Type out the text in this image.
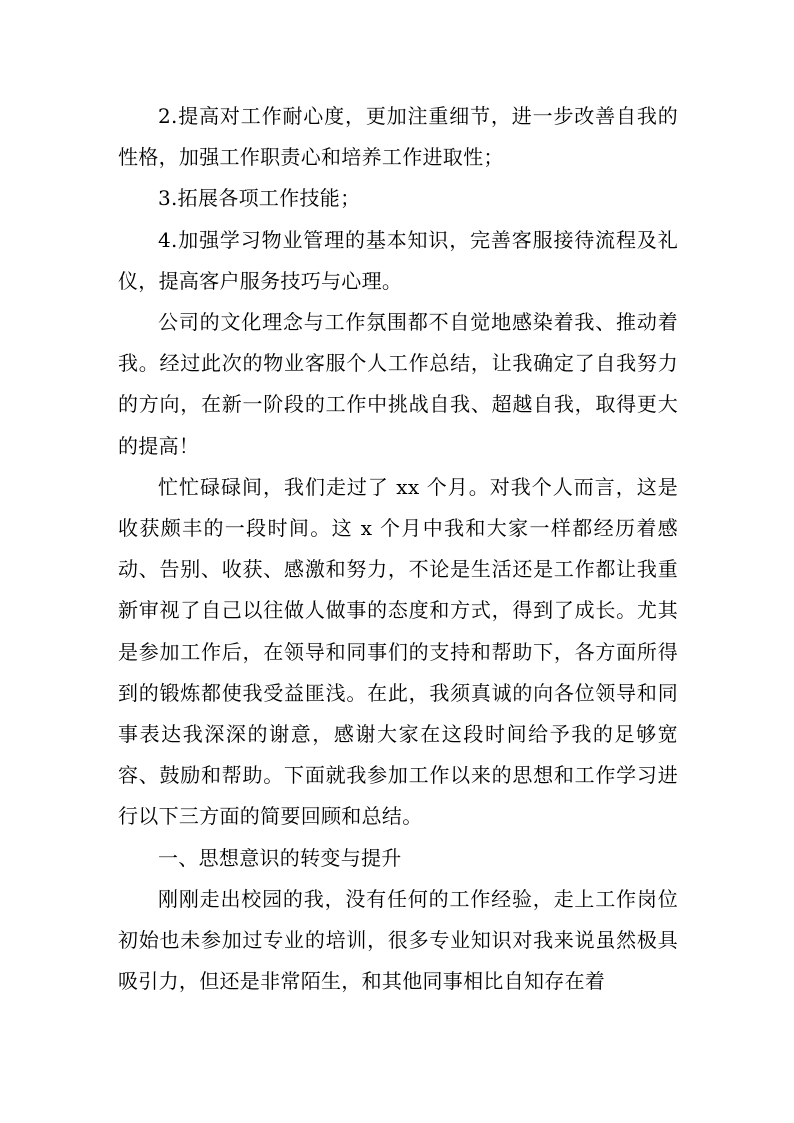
2.提高对工作耐心度，更加注重细节，进一步改善自我的性格，加强工作职责心和培养工作进取性；

3.拓展各项工作技能；

4.加强学习物业管理的基本知识，完善客服接待流程及礼仪，提高客户服务技巧与心理。

公司的文化理念与工作氛围都不自觉地感染着我、推动着我。经过此次的物业客服个人工作总结，让我确定了自我努力的方向，在新一阶段的工作中挑战自我、超越自我，取得更大的提高！

忙忙碌碌间，我们走过了 xx 个月。对我个人而言，这是收获颇丰的一段时间。这 x 个月中我和大家一样都经历着感动、告别、收获、感激和努力，不论是生活还是工作都让我重新审视了自己以往做人做事的态度和方式，得到了成长。尤其是参加工作后，在领导和同事们的支持和帮助下，各方面所得到的锻炼都使我受益匪浅。在此，我须真诚的向各位领导和同事表达我深深的谢意，感谢大家在这段时间给予我的足够宽容、鼓励和帮助。下面就我参加工作以来的思想和工作学习进行以下三方面的简要回顾和总结。

一、思想意识的转变与提升

刚刚走出校园的我，没有任何的工作经验，走上工作岗位初始也未参加过专业的培训，很多专业知识对我来说虽然极具吸引力，但还是非常陌生，和其他同事相比自知存在着
